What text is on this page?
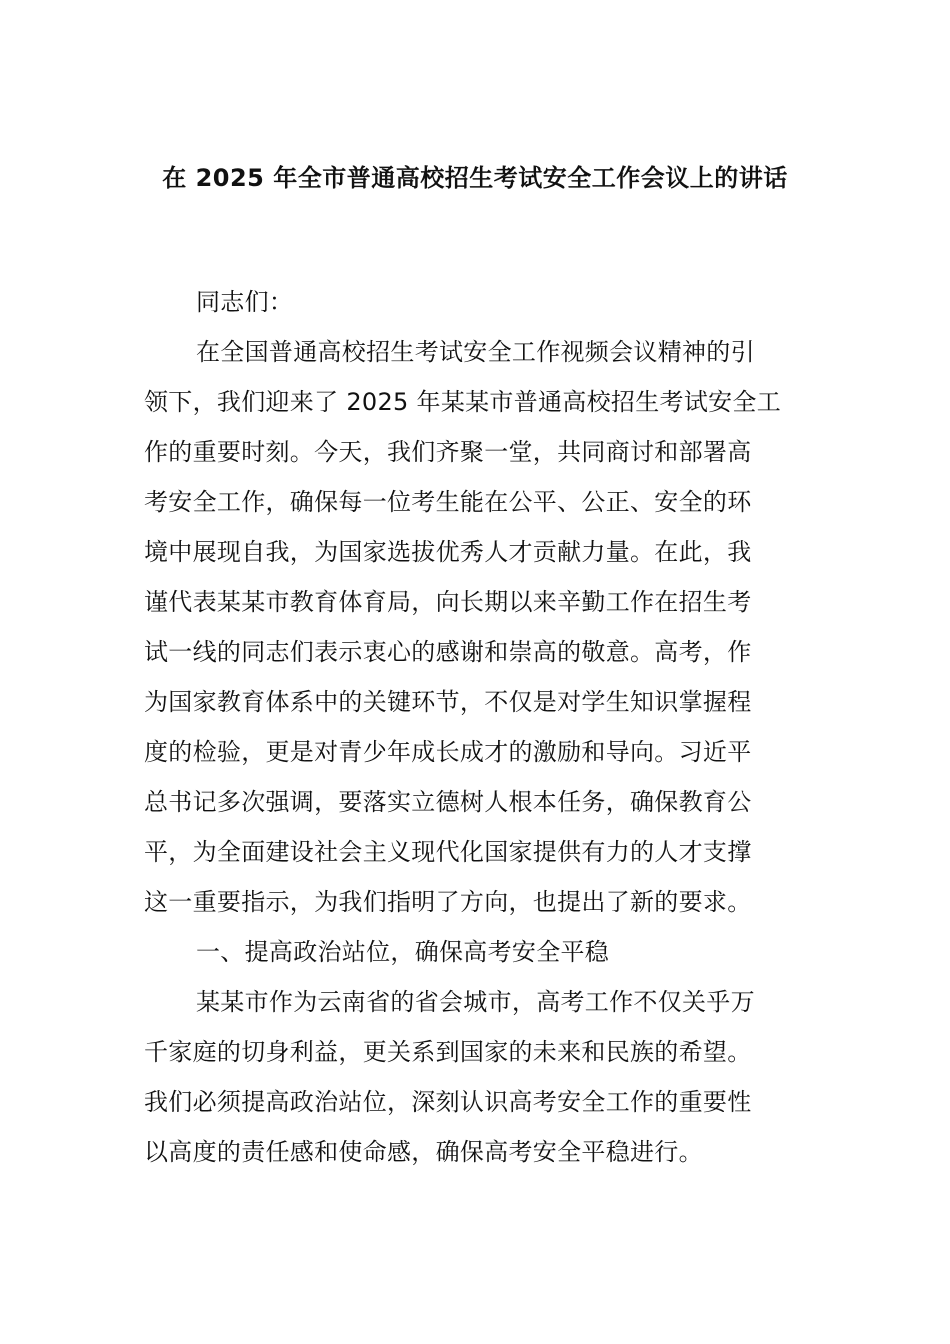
在 2025 年全市普通高校招生考试安全工作会议上的讲话
同志们：
在全国普通高校招生考试安全工作视频会议精神的引
领下，我们迎来了 2025 年某某市普通高校招生考试安全工
作的重要时刻。今天，我们齐聚一堂，共同商讨和部署高
考安全工作，确保每一位考生能在公平、公正、安全的环
境中展现自我，为国家选拔优秀人才贡献力量。在此，我
谨代表某某市教育体育局，向长期以来辛勤工作在招生考
试一线的同志们表示衷心的感谢和崇高的敬意。高考，作
为国家教育体系中的关键环节，不仅是对学生知识掌握程
度的检验，更是对青少年成长成才的激励和导向。习近平
总书记多次强调，要落实立德树人根本任务，确保教育公
平，为全面建设社会主义现代化国家提供有力的人才支撑
这一重要指示，为我们指明了方向，也提出了新的要求。
一、提高政治站位，确保高考安全平稳
某某市作为云南省的省会城市，高考工作不仅关乎万
千家庭的切身利益，更关系到国家的未来和民族的希望。
我们必须提高政治站位，深刻认识高考安全工作的重要性
以高度的责任感和使命感，确保高考安全平稳进行。
